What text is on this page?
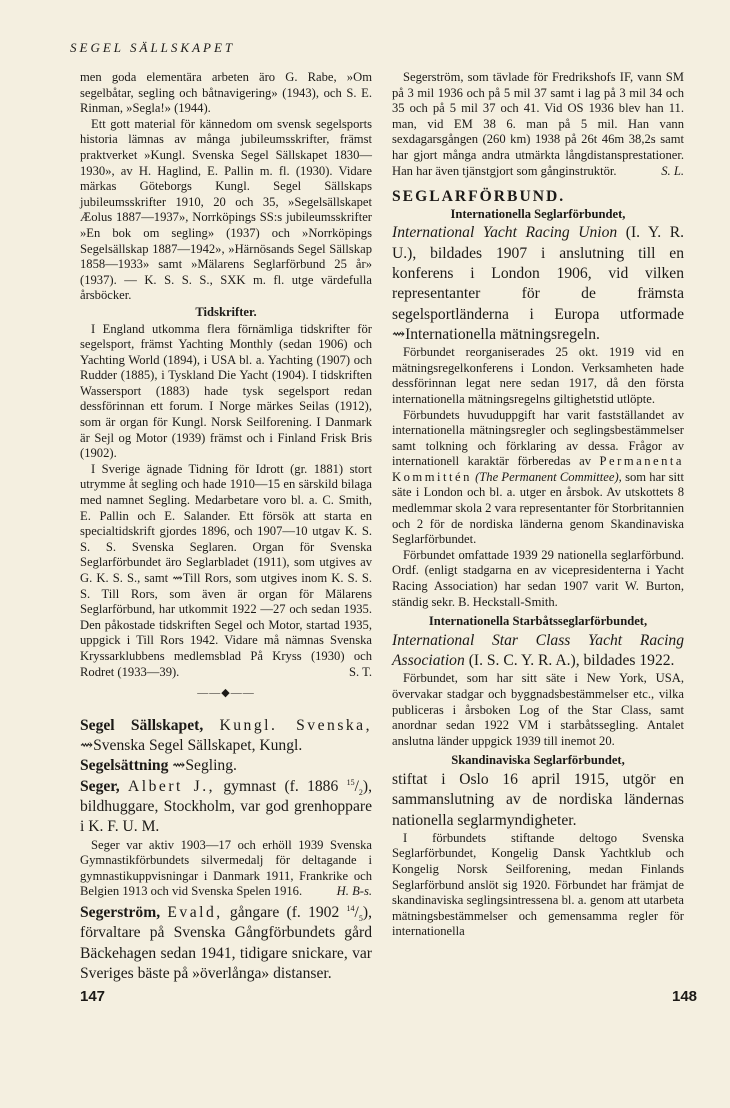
SEGEL SÄLLSKAPET

men goda elementära arbeten äro G. Rabe, »Om segelbåtar, segling och båtnavigering» (1943), och S. E. Rinman, »Segla!» (1944).

Ett gott material för kännedom om svensk segelsports historia lämnas av många jubileumsskrifter, främst praktverket »Kungl. Svenska Segel Sällskapet 1830—1930», av H. Haglind, E. Pallin m. fl. (1930). Vidare märkas Göteborgs Kungl. Segel Sällskaps jubileumsskrifter 1910, 20 och 35, »Segelsällskapet Æolus 1887—1937», Norrköpings SS:s jubileumsskrifter »En bok om segling» (1937) och »Norrköpings Segelsällskap 1887—1942», »Härnösands Segel Sällskap 1858—1933» samt »Mälarens Seglarförbund 25 år» (1937). — K. S. S. S., SXK m. fl. utge värdefulla årsböcker.

Tidskrifter.

I England utkomma flera förnämliga tidskrifter för segelsport, främst Yachting Monthly (sedan 1906) och Yachting World (1894), i USA bl. a. Yachting (1907) och Rudder (1885), i Tyskland Die Yacht (1904). I tidskriften Wassersport (1883) hade tysk segelsport redan dessförinnan ett forum. I Norge märkes Seilas (1912), som är organ för Kungl. Norsk Seilforening. I Danmark är Sejl og Motor (1939) främst och i Finland Frisk Bris (1902).

I Sverige ägnade Tidning för Idrott (gr. 1881) stort utrymme åt segling och hade 1910—15 en särskild bilaga med namnet Segling. Medarbetare voro bl. a. C. Smith, E. Pallin och E. Salander. Ett försök att starta en specialtidskrift gjordes 1896, och 1907—10 utgav K. S. S. S. Svenska Seglaren. Organ för Svenska Seglarförbundet äro Seglarbladet (1911), som utgives av G. K. S. S., samt ⇝Till Rors, som utgives inom K. S. S. S. Till Rors, som även är organ för Mälarens Seglarförbund, har utkommit 1922 —27 och sedan 1935. Den påkostade tidskriften Segel och Motor, startad 1935, uppgick i Till Rors 1942. Vidare må nämnas Svenska Kryssarklubbens medlemsblad På Kryss (1930) och Rodret (1933—39).	S. T.

——◆——

Segel Sällskapet, Kungl. Svenska, ⇝Svenska Segel Sällskapet, Kungl.

Segelsättning ⇝Segling.

Seger, Albert J., gymnast (f. 1886 $^{15}/_2$), bildhuggare, Stockholm, var god grenhoppare i K. F. U. M.

Seger var aktiv 1903—17 och erhöll 1939 Svenska Gymnastikförbundets silvermedalj för deltagande i gymnastikuppvisningar i Danmark 1911, Frankrike och Belgien 1913 och vid Svenska Spelen 1916.	H. B-s.

Segerström, Evald, gångare (f. 1902 $^{14}/_5$), förvaltare på Svenska Gångförbundets gård Bäckehagen sedan 1941, tidigare snickare, var Sveriges bäste på »överlånga» distanser.

Segerström, som tävlade för Fredrikshofs IF, vann SM på 3 mil 1936 och på 5 mil 37 samt i lag på 3 mil 34 och 35 och på 5 mil 37 och 41. Vid OS 1936 blev han 11. man, vid EM 38 6. man på 5 mil. Han vann sexdagarsgången (260 km) 1938 på 26t 46m 38,2s samt har gjort många andra utmärkta långdistansprestationer. Han har även tjänstgjort som gånginstruktör.	S. L.

SEGLARFÖRBUND.

Internationella Seglarförbundet,

International Yacht Racing Union (I. Y. R. U.), bildades 1907 i anslutning till en konferens i London 1906, vid vilken representanter för de främsta segelsportländerna i Europa utformade ⇝Internationella mätningsregeln.

Förbundet reorganiserades 25 okt. 1919 vid en mätningsregelkonferens i London. Verksamheten hade dessförinnan legat nere sedan 1917, då den första internationella mätningsregelns giltighetstid utlöpte.

Förbundets huvuduppgift har varit fastställandet av internationella mätningsregler och seglingsbestämmelser samt tolkning och förklaring av dessa. Frågor av internationell karaktär förberedas av Permanenta Kommittén (The Permanent Committee), som har sitt säte i London och bl. a. utger en årsbok. Av utskottets 8 medlemmar skola 2 vara representanter för Storbritannien och 2 för de nordiska länderna genom Skandinaviska Seglarförbundet.

Förbundet omfattade 1939 29 nationella seglarförbund. Ordf. (enligt stadgarna en av vicepresidenterna i Yacht Racing Association) har sedan 1907 varit W. Burton, ständig sekr. B. Heckstall-Smith.

Internationella Starbåtsseglarförbundet,

International Star Class Yacht Racing Association (I. S. C. Y. R. A.), bildades 1922.

Förbundet, som har sitt säte i New York, USA, övervakar stadgar och byggnadsbestämmelser etc., vilka publiceras i årsboken Log of the Star Class, samt anordnar sedan 1922 VM i starbåtssegling. Antalet anslutna länder uppgick 1939 till inemot 20.

Skandinaviska Seglarförbundet,

stiftat i Oslo 16 april 1915, utgör en sammanslutning av de nordiska ländernas nationella seglarmyndigheter.

I förbundets stiftande deltogo Svenska Seglarförbundet, Kongelig Dansk Yachtklub och Kongelig Norsk Seilforening, medan Finlands Seglarförbund anslöt sig 1920. Förbundet har främjat de skandinaviska seglingsintressena bl. a. genom att utarbeta mätningsbestämmelser och gemensamma regler för internationella

147	148
